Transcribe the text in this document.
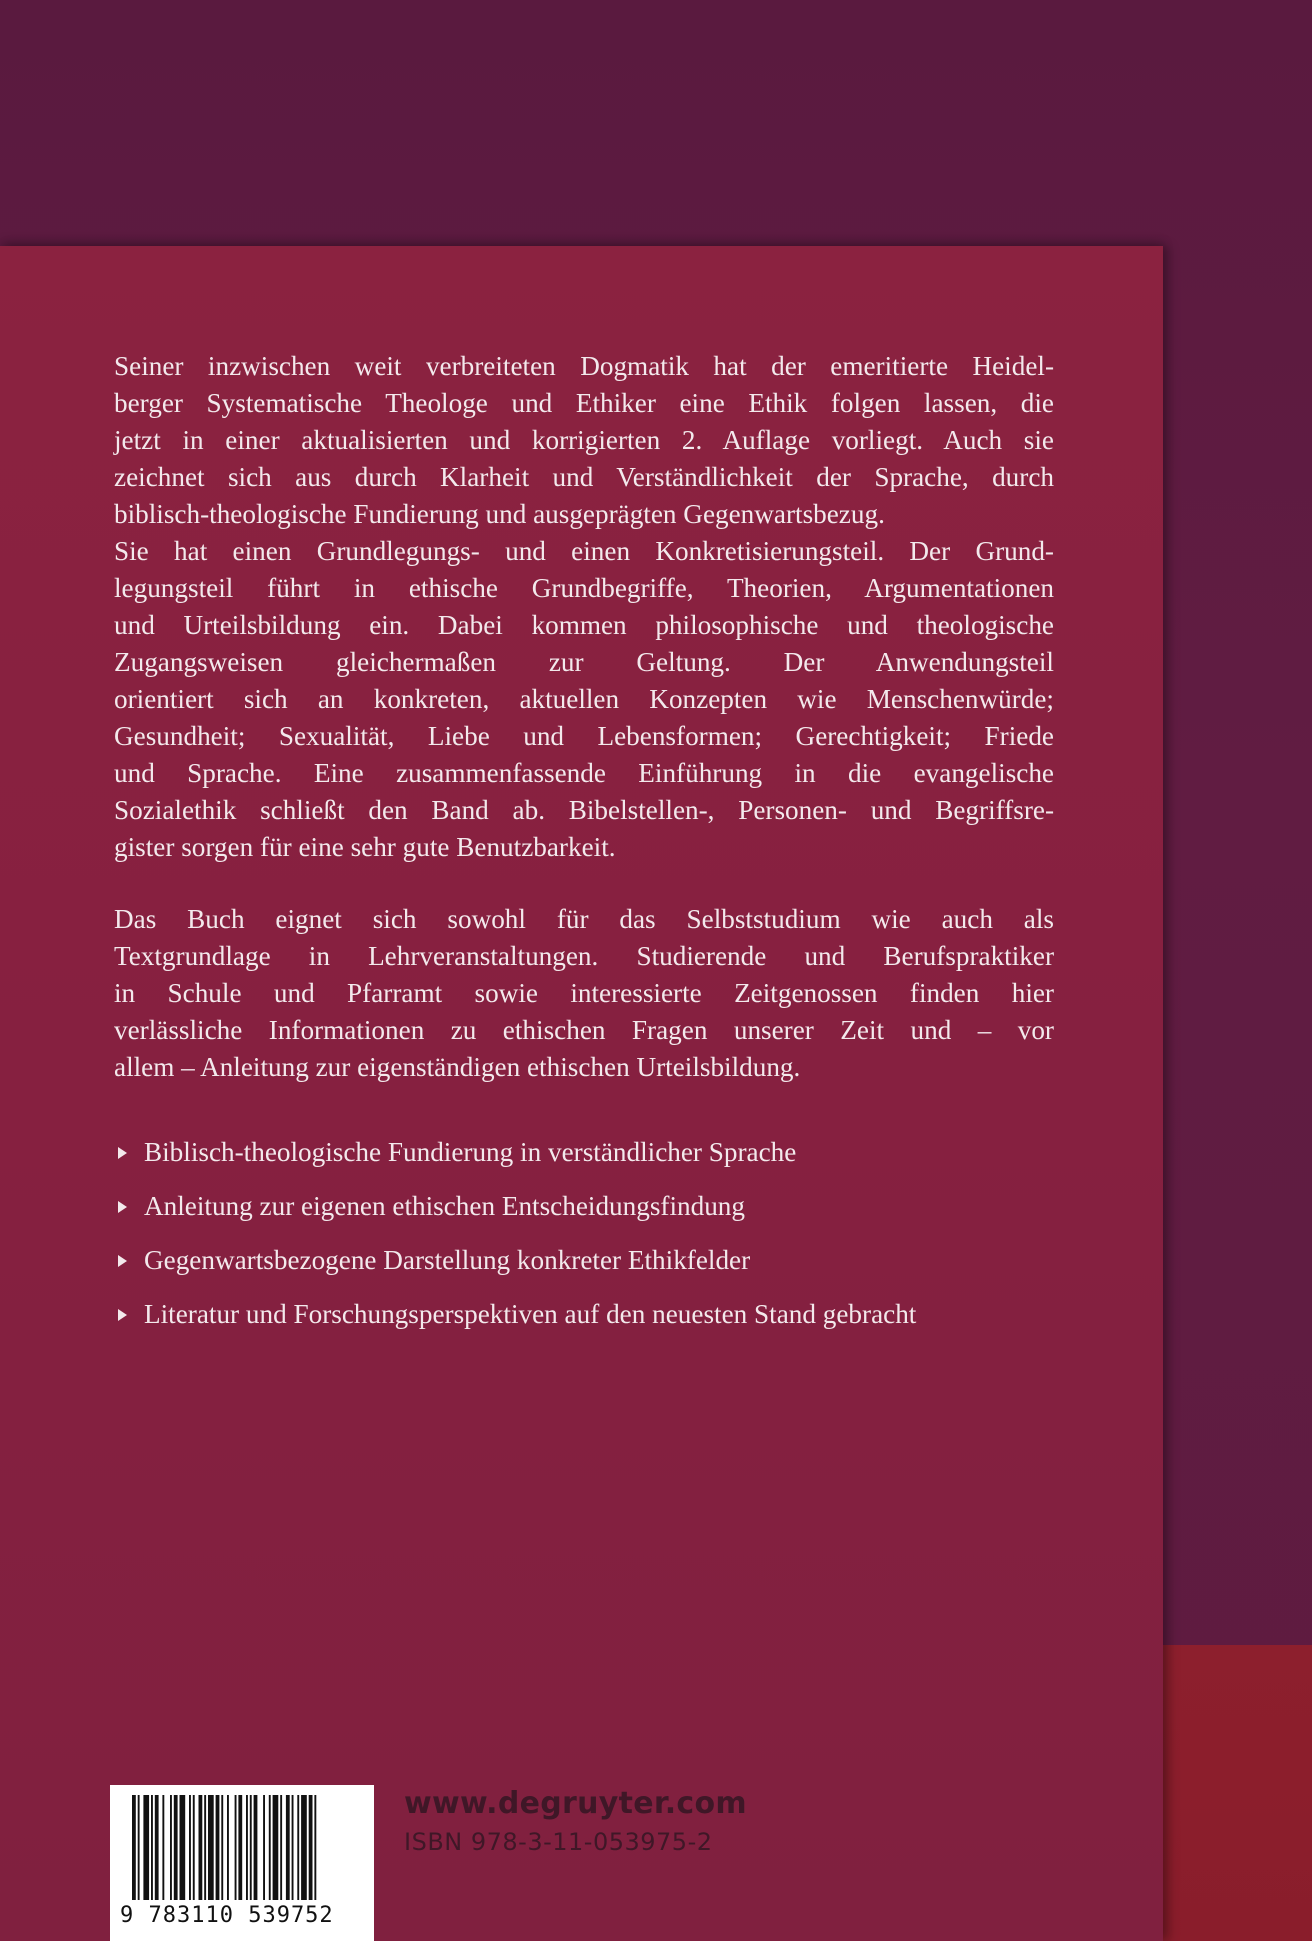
Seiner inzwischen weit verbreiteten Dogmatik hat der emeritierte Heidel-
berger Systematische Theologe und Ethiker eine Ethik folgen lassen, die
jetzt in einer aktualisierten und korrigierten 2. Auflage vorliegt. Auch sie
zeichnet sich aus durch Klarheit und Verständlichkeit der Sprache, durch
biblisch-theologische Fundierung und ausgeprägten Gegenwartsbezug.
Sie hat einen Grundlegungs- und einen Konkretisierungsteil. Der Grund-
legungsteil führt in ethische Grundbegriffe, Theorien, Argumentationen
und Urteilsbildung ein. Dabei kommen philosophische und theologische
Zugangsweisen gleichermaßen zur Geltung. Der Anwendungsteil
orientiert sich an konkreten, aktuellen Konzepten wie Menschenwürde;
Gesundheit; Sexualität, Liebe und Lebensformen; Gerechtigkeit; Friede
und Sprache. Eine zusammenfassende Einführung in die evangelische
Sozialethik schließt den Band ab. Bibelstellen-, Personen- und Begriffsre-
gister sorgen für eine sehr gute Benutzbarkeit.

Das Buch eignet sich sowohl für das Selbststudium wie auch als
Textgrundlage in Lehrveranstaltungen. Studierende und Berufspraktiker
in Schule und Pfarramt sowie interessierte Zeitgenossen finden hier
verlässliche Informationen zu ethischen Fragen unserer Zeit und – vor
allem – Anleitung zur eigenständigen ethischen Urteilsbildung.

Biblisch-theologische Fundierung in verständlicher Sprache
Anleitung zur eigenen ethischen Entscheidungsfindung
Gegenwartsbezogene Darstellung konkreter Ethikfelder
Literatur und Forschungsperspektiven auf den neuesten Stand gebracht
9 783110 539752
www.degruyter.com
ISBN 978-3-11-053975-2
